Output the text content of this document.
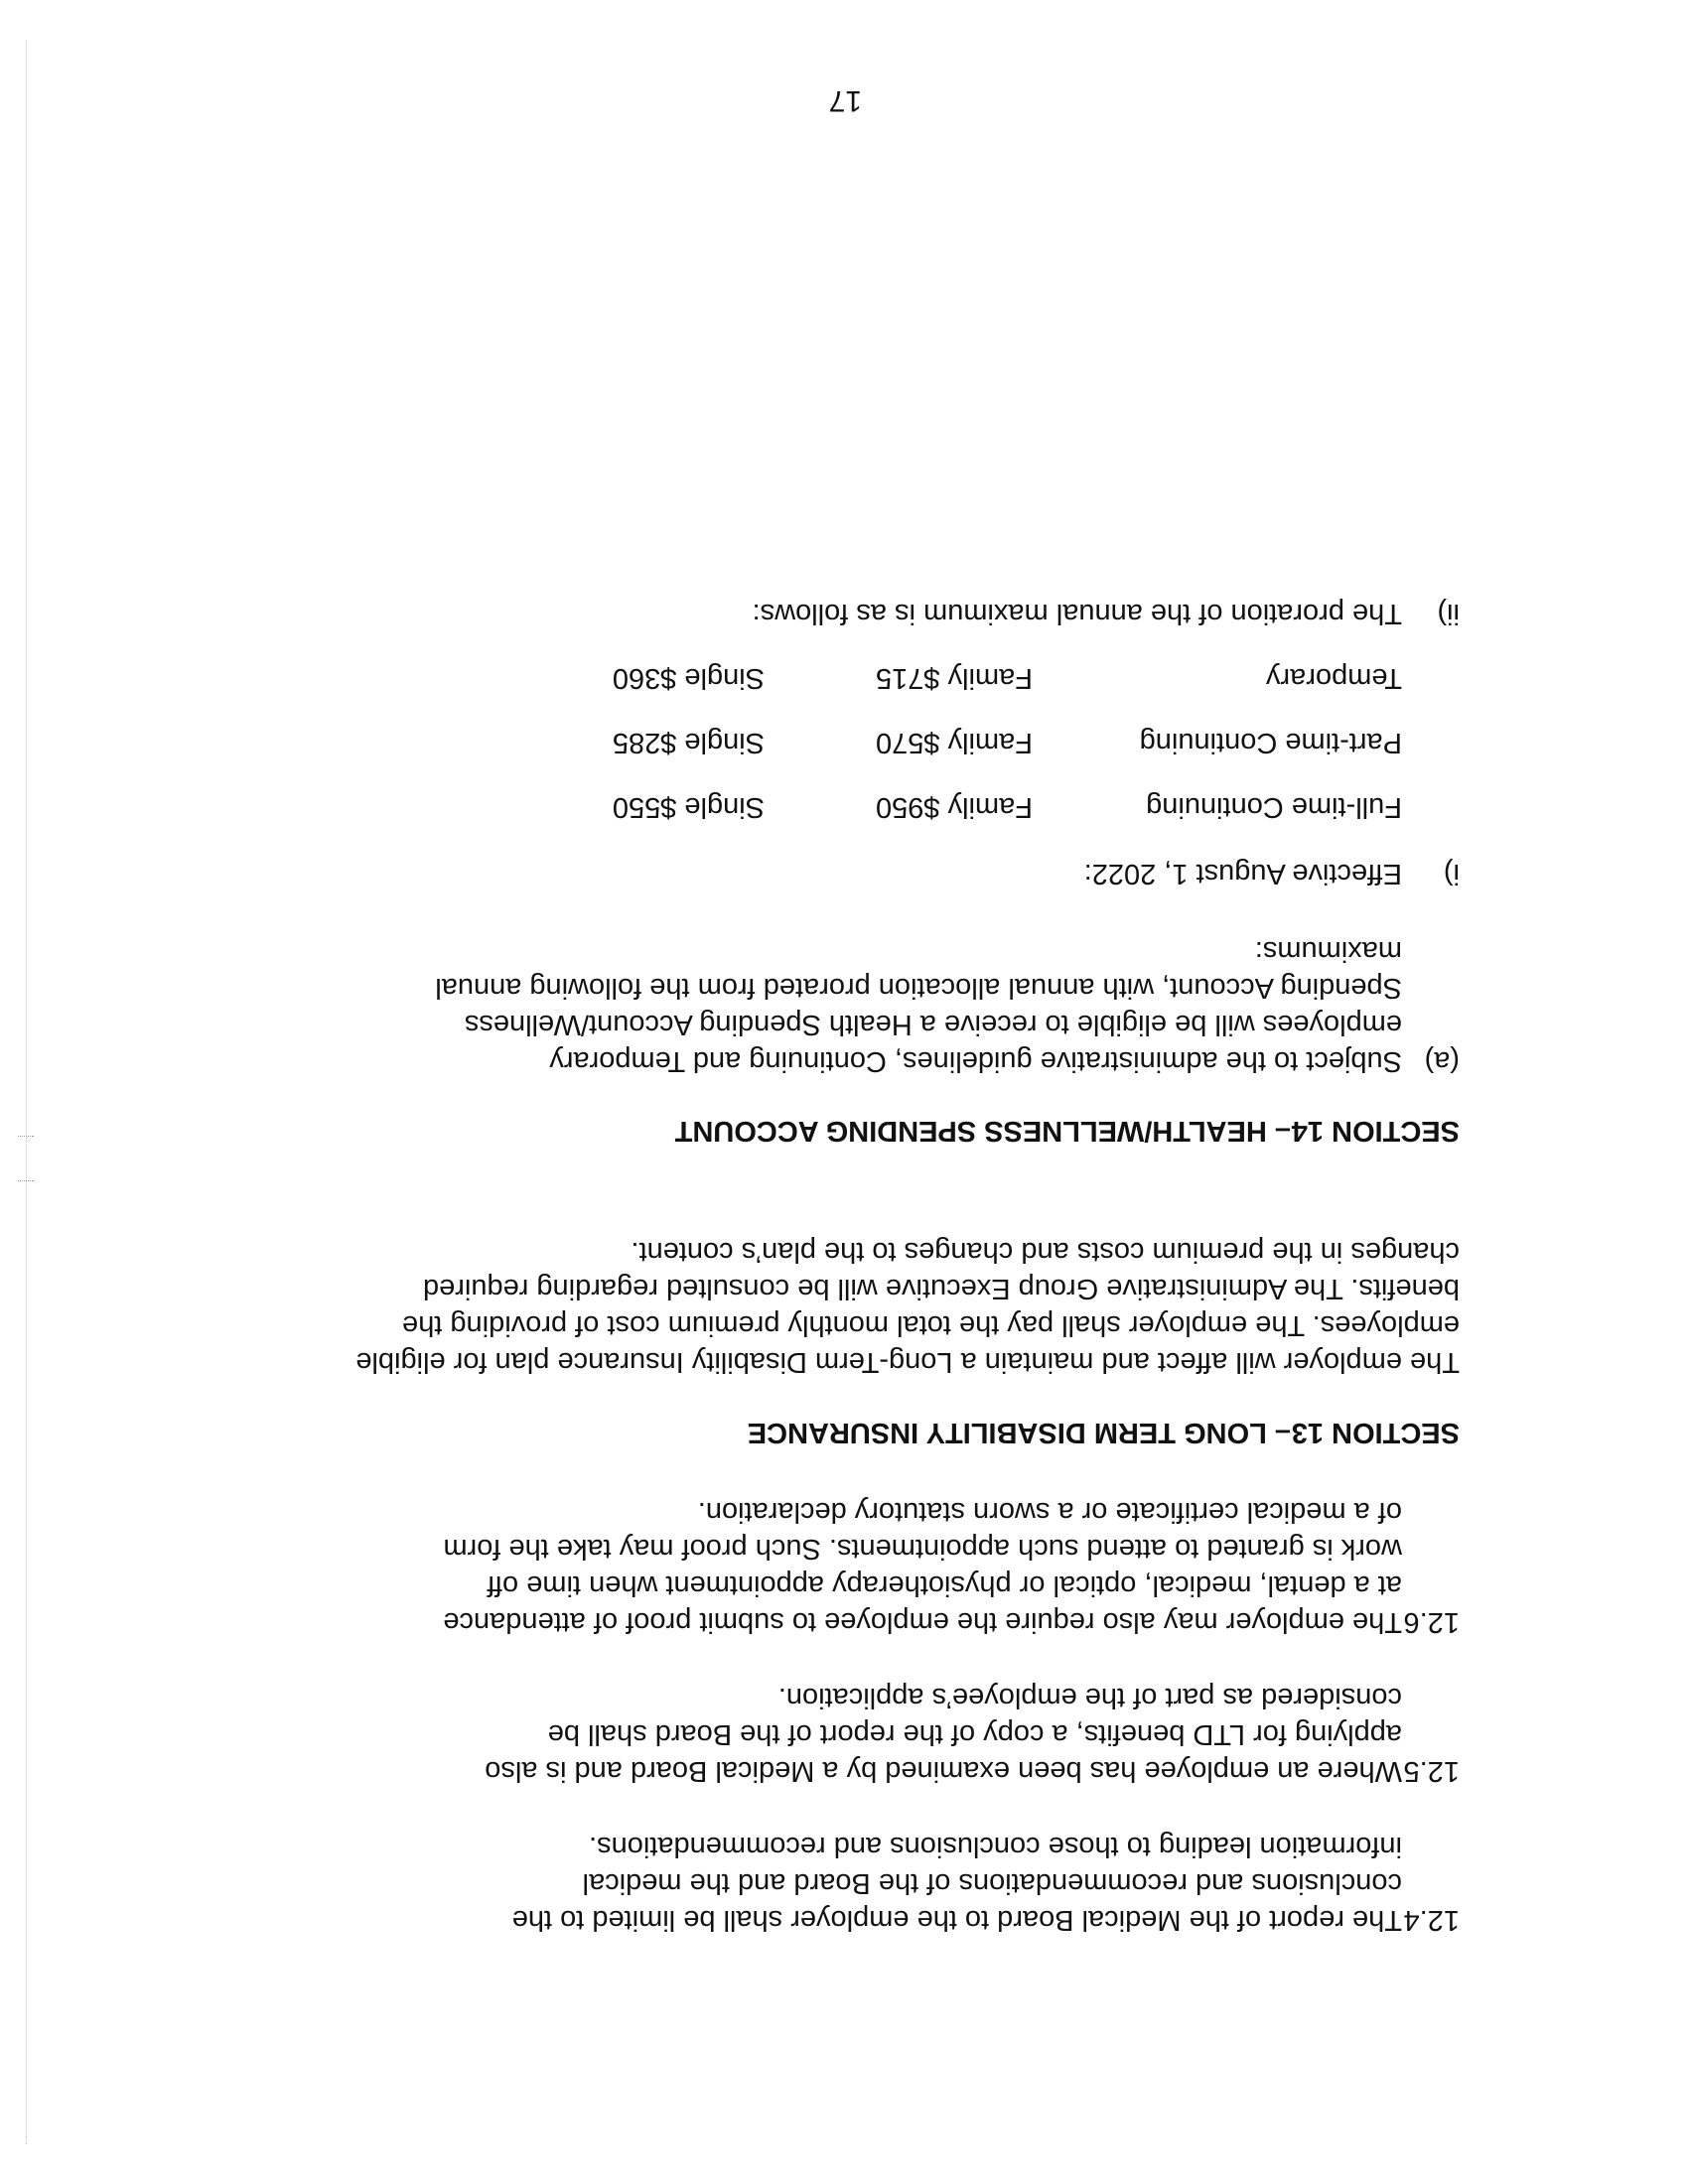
12.4
The report of the Medical Board to the employer shall be limited to the
conclusions and recommendations of the Board and the medical
information leading to those conclusions and recommendations.
12.5
Where an employee has been examined by a Medical Board and is also
applying for LTD benefits, a copy of the report of the Board shall be
considered as part of the employee’s application.
12.6
The employer may also require the employee to submit proof of attendance
at a dental, medical, optical or physiotherapy appointment when time off
work is granted to attend such appointments. Such proof may take the form
of a medical certificate or a sworn statutory declaration.
SECTION 13– LONG TERM DISABILITY INSURANCE
The employer will affect and maintain a Long-Term Disability Insurance plan for eligible
employees. The employer shall pay the total monthly premium cost of providing the
benefits. The Administrative Group Executive will be consulted regarding required
changes in the premium costs and changes to the plan’s content.
SECTION 14– HEALTH/WELLNESS SPENDING ACCOUNT
(a)
Subject to the administrative guidelines, Continuing and Temporary
employees will be eligible to receive a Health Spending Account/Wellness
Spending Account, with annual allocation prorated from the following annual
maximums:
i)
Effective August 1, 2022:
Full-time Continuing
Family $950
Single $550
Part-time Continuing
Family $570
Single $285
Temporary
Family $715
Single $360
ii)
The proration of the annual maximum is as follows:
17
